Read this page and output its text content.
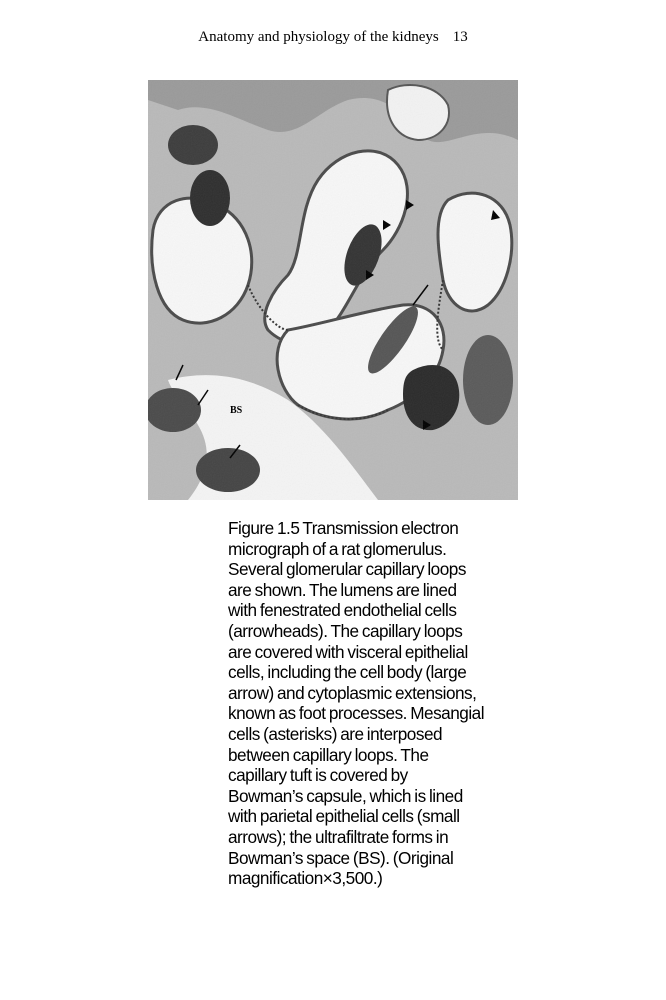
Anatomy and physiology of the kidneys 13
BS
Figure 1.5 Transmission electron
micrograph of a rat glomerulus.
Several glomerular capillary loops
are shown. The lumens are lined
with fenestrated endothelial cells
(arrowheads). The capillary loops
are covered with visceral epithelial
cells, including the cell body (large
arrow) and cytoplasmic extensions,
known as foot processes. Mesangial
cells (asterisks) are interposed
between capillary loops. The
capillary tuft is covered by
Bowman’s capsule, which is lined
with parietal epithelial cells (small
arrows); the ultrafiltrate forms in
Bowman’s space (BS). (Original
magnification×3,500.)
